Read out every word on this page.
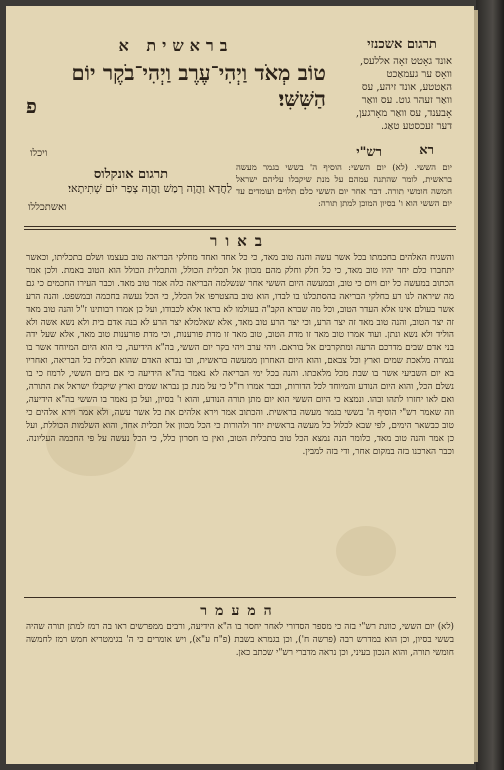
תרגום אשכנזי
אונד גאָטט זאָה אללעס, וואָס ער געמאַכט האַטטע, אונד זיהע, עס וואַר זעהר גוט. עס וואַר אָבענד, עס וואַר מאָרגען, דער זעכסטע טאַג.
בראשית א
טוֹב מְאֹד וַיְהִי־עֶרֶב וַיְהִי־בֹקֶר יוֹם הַשִּׁשִּׁי׃
פ
רש"י	רא
ויכלו
יום הששי. (לא) יום הששי: הוסיף ה' בששי בגמר מעשה בראשית, לומר שהתנה עמהם על מנת שיקבלו עליהם ישראל חמשה חומשי תורה. דבר אחר יום הששי כלם תלוים ועומדים עד יום הששי הוא ו' בסיון המוכן למתן תורה:
תרגום אונקלוס
לַחֲדָא וַהֲוָה רְמַשׁ וַהֲוָה צְפַר יוֹם שְׁתִיתָאי׃
ואשתכללו
באור
והשגיח האלהים בחכמתו בכל אשר עשה והנה טוב מאד, כי כל אחד ואחד מחלקי הבריאה טוב בעצמו ושלם בתכליתו, וכאשר יתחברו כלם יחד יהיו טוב מאד, כי כל חלק וחלק מהם מכוון אל תכלית הכולל, והתכלית הכולל הוא הטוב באמת. ולכן אמר הכתוב במעשה כל יום ויום כי טוב, ובמעשה היום הששי אחר שנשלמה הבריאה כלה אמר טוב מאד. וכבר העירו החכמים כי גם מה שיראה לנו רע בחלקי הבריאה בהסתכלנו בו לבדו, הוא טוב בהצטרפו אל הכלל, כי הכל נעשה בחכמה ובמשפט. והנה הרע אשר בעולם אינו אלא העדר הטוב, וכל מה שברא הקב"ה בעולמו לא בראו אלא לכבודו, ועל כן אמרו רבותינו ז"ל והנה טוב מאד זה יצר הטוב, והנה טוב מאד זה יצר הרע, וכי יצר הרע טוב מאד, אלא שאלמלא יצר הרע לא בנה אדם בית ולא נשא אשה ולא הוליד ולא נשא ונתן. ועוד אמרו טוב מאד זו מדת הטוב, טוב מאד זו מדת פורענות, וכי מדת פורענות טוב מאד, אלא שעל ידה בני אדם שבים מדרכם הרעה ומתקרבים אל בוראם. ויהי ערב ויהי בקר יום הששי, בה"א הידיעה, כי הוא היום המיוחד אשר בו נגמרה מלאכת שמים וארץ וכל צבאם, והוא היום האחרון ממעשה בראשית, ובו נברא האדם שהוא תכלית כל הבריאה, ואחריו בא יום השביעי אשר בו שבת מכל מלאכתו. והנה בכל ימי הבריאה לא נאמר בה"א הידיעה כי אם ביום הששי, לרמוז כי בו נשלם הכל, והוא היום הנודע והמיוחד לכל הדורות, וכבר אמרו רז"ל כי על מנת כן נבראו שמים וארץ שיקבלו ישראל את התורה, ואם לאו יחזרו לתהו ובהו. ונמצא כי היום הששי הוא יום מתן תורה הנודע, והוא ו' בסיון, ועל כן נאמר בו הששי בה"א הידיעה, וזה שאמר רש"י הוסיף ה' בששי בגמר מעשה בראשית. והכתוב אמר וירא אלהים את כל אשר עשה, ולא אמר וירא אלהים כי טוב כבשאר הימים, לפי שבא לכלול כל מעשה בראשית יחד ולהורות כי הכל מכוון אל תכלית אחד, והוא השלמות הכוללת, ועל כן אמר והנה טוב מאד, כלומר הנה נמצא הכל טוב בתכלית הטוב, ואין בו חסרון כלל, כי הכל נעשה על פי החכמה העליונה. וכבר הארכנו בזה במקום אחר, ודי בזה למבין.
המעמר
(לא) יום הששי, כוונת רש"י בזה כי מספר הסדורי לאחר יחסר בו ה"א הידיעה, ורבים ממפרשים ראו בה רמז למתן תורה שהיה בששי בסיון, וכן הוא במדרש רבה (פרשה ח'), וכן בגמרא בשבת (פ"ח ע"א), ויש אומרים כי ה' בגימטריא חמש רמז לחמשה חומשי תורה, והוא הנכון בעיני, וכן נראה מדברי רש"י שכתב כאן.
